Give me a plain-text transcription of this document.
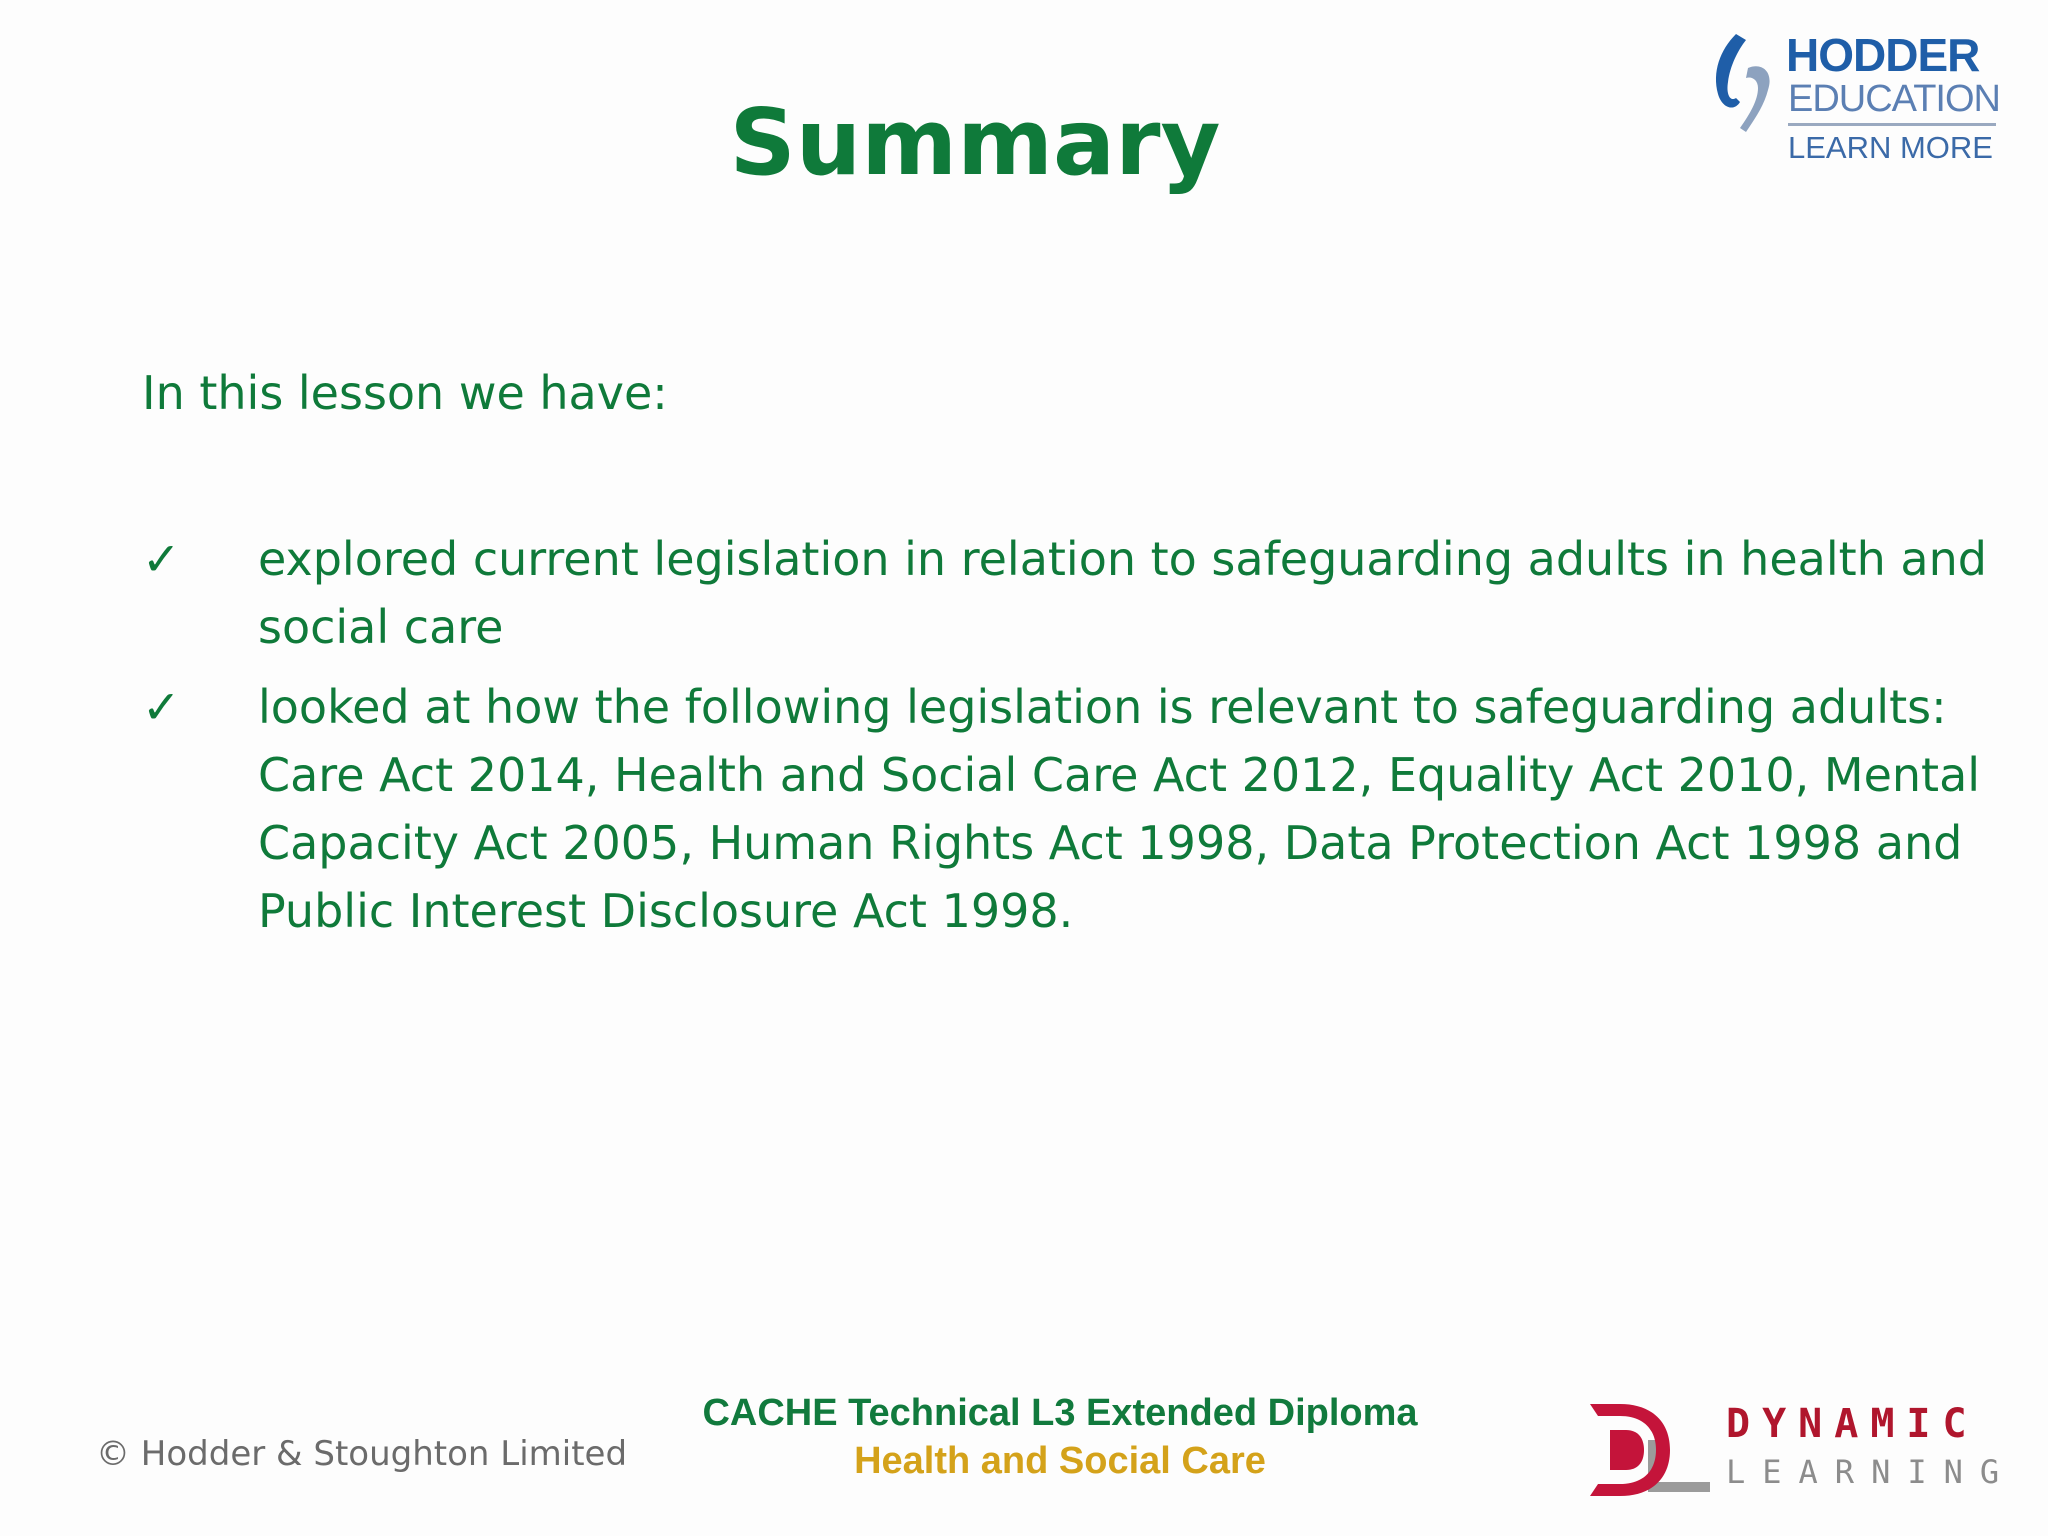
HODDER
EDUCATION
LEARN MORE
Summary
In this lesson we have:
✓ explored current legislation in relation to safeguarding adults in health and social care
✓ looked at how the following legislation is relevant to safeguarding adults: Care Act 2014, Health and Social Care Act 2012, Equality Act 2010, Mental Capacity Act 2005, Human Rights Act 1998, Data Protection Act 1998 and Public Interest Disclosure Act 1998.
© Hodder & Stoughton Limited
CACHE Technical L3 Extended Diploma
Health and Social Care
DYNAMIC
LEARNING
